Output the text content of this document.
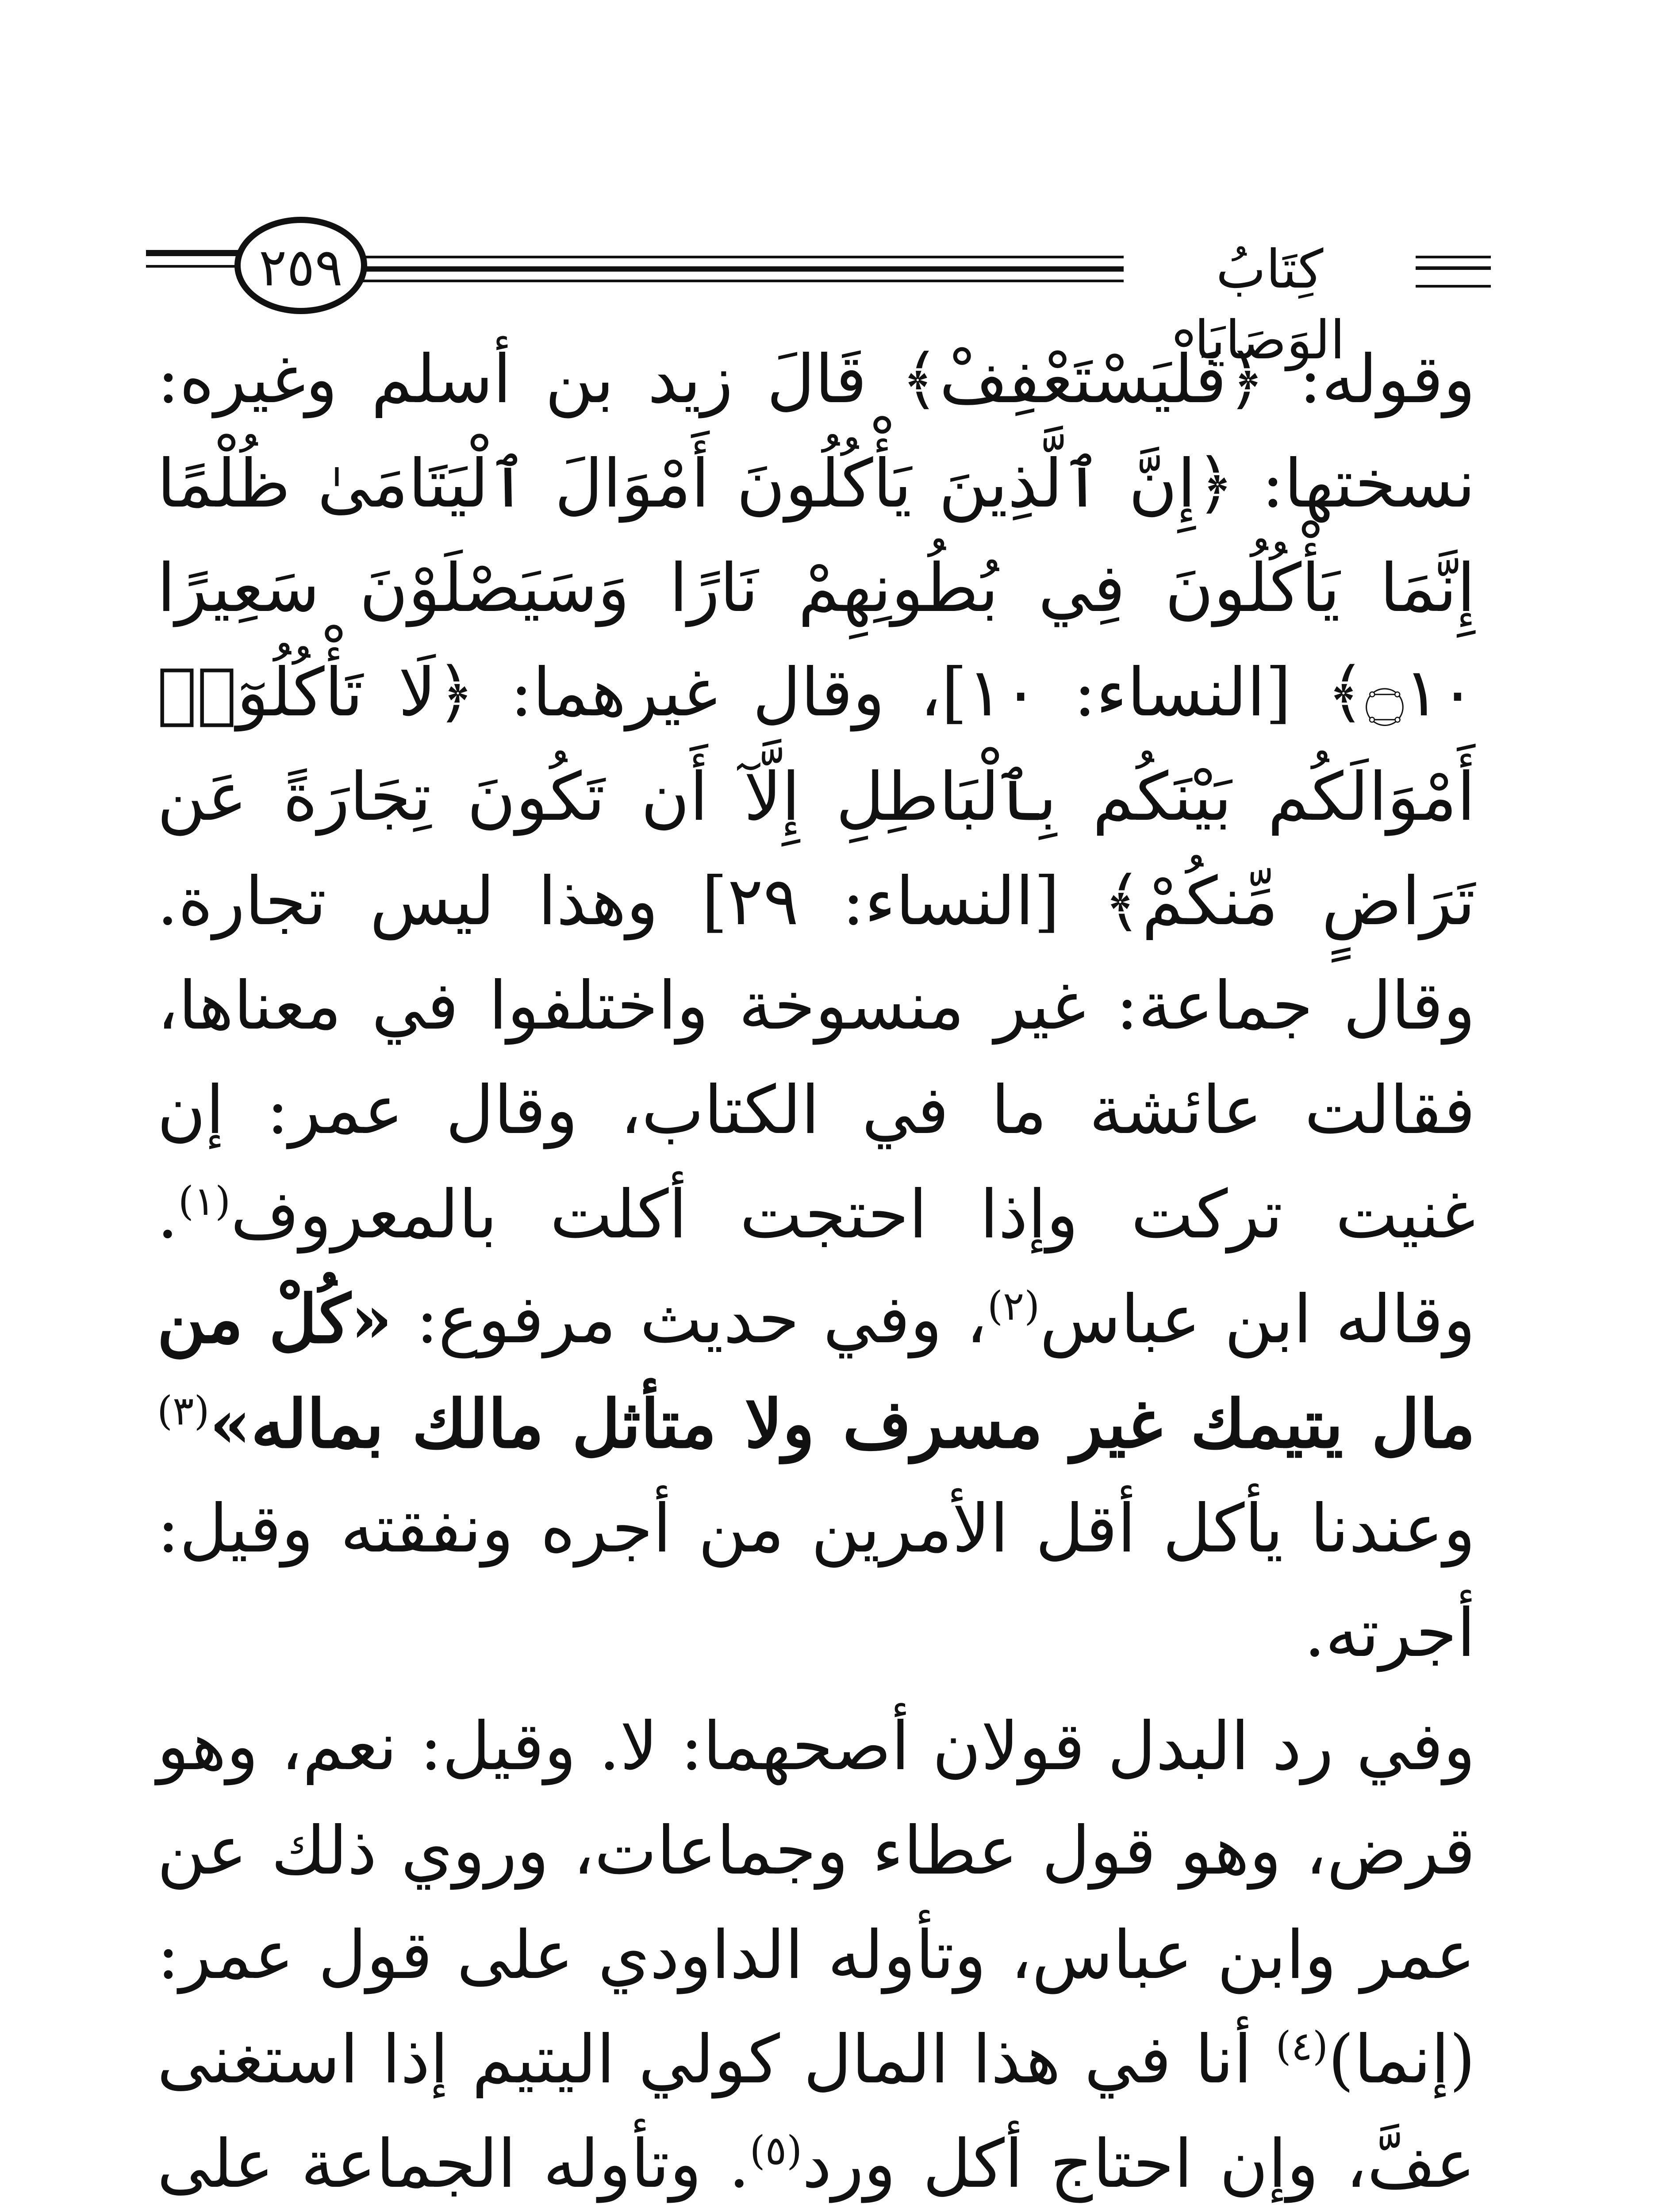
كِتَابُ الوَصَايَا
٢٥٩

وقوله: ﴿فَلْيَسْتَعْفِفْ﴾ قَالَ زيد بن أسلم وغيره: نسختها: ﴿إِنَّ ٱلَّذِينَ يَأْكُلُونَ أَمْوَالَ ٱلْيَتَامَىٰ ظُلْمًا إِنَّمَا يَأْكُلُونَ فِي بُطُونِهِمْ نَارًا وَسَيَصْلَوْنَ سَعِيرًا ۝١٠﴾ [النساء: ١٠]، وقال غيرهما: ﴿لَا تَأْكُلُوٓا۟ أَمْوَالَكُم بَيْنَكُم بِٱلْبَاطِلِ إِلَّآ أَن تَكُونَ تِجَارَةً عَن تَرَاضٍ مِّنكُمْ﴾ [النساء: ٢٩] وهذا ليس تجارة. وقال جماعة: غير منسوخة واختلفوا في معناها، فقالت عائشة ما في الكتاب، وقال عمر: إن غنيت تركت وإذا احتجت أكلت بالمعروف$^{(١)}$. وقاله ابن عباس$^{(٢)}$، وفي حديث مرفوع: «كُلْ من مال يتيمك غير مسرف ولا متأثل مالك بماله»$^{(٣)}$ وعندنا يأكل أقل الأمرين من أجره ونفقته وقيل: أجرته.

وفي رد البدل قولان أصحهما: لا. وقيل: نعم، وهو قرض، وهو قول عطاء وجماعات، وروي ذلك عن عمر وابن عباس، وتأوله الداودي على قول عمر: (إنما)$^{(٤)}$ أنا في هذا المال كولي اليتيم إذا استغنى عفَّ، وإن احتاج أكل ورد$^{(٥)}$. وتأوله الجماعة على
